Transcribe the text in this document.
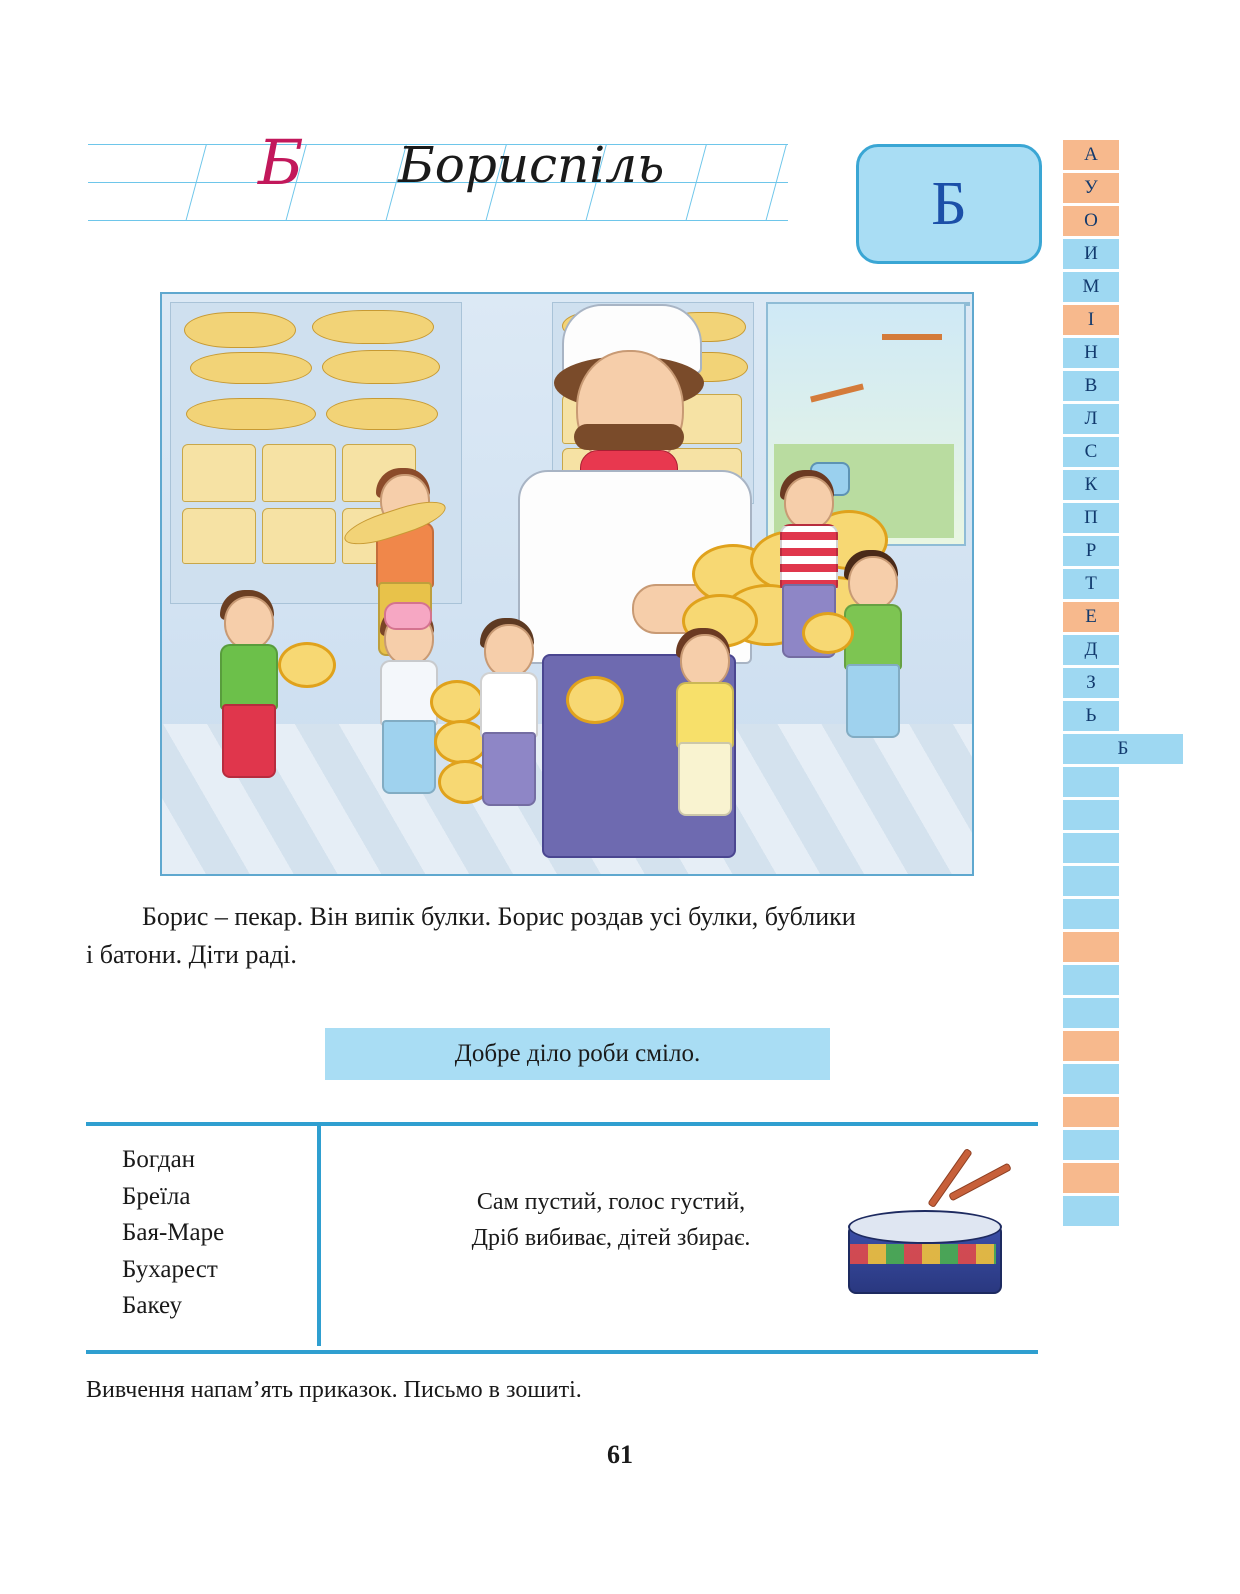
Б Бориспіль
Б
А
У
О
И
М
І
Н
В
Л
С
К
П
Р
Т
Е
Д
З
Ь
Б
Борис – пекар. Він випік булки. Борис роздав усі булки, бублики
і батони. Діти раді.
Добре діло роби сміло.
Богдан
Бреїла
Бая-Маре
Бухарест
Бакеу
Сам пустий, голос густий,
Дріб вибиває, дітей збирає.
Вивчення напам’ять приказок. Письмо в зошиті.
61
